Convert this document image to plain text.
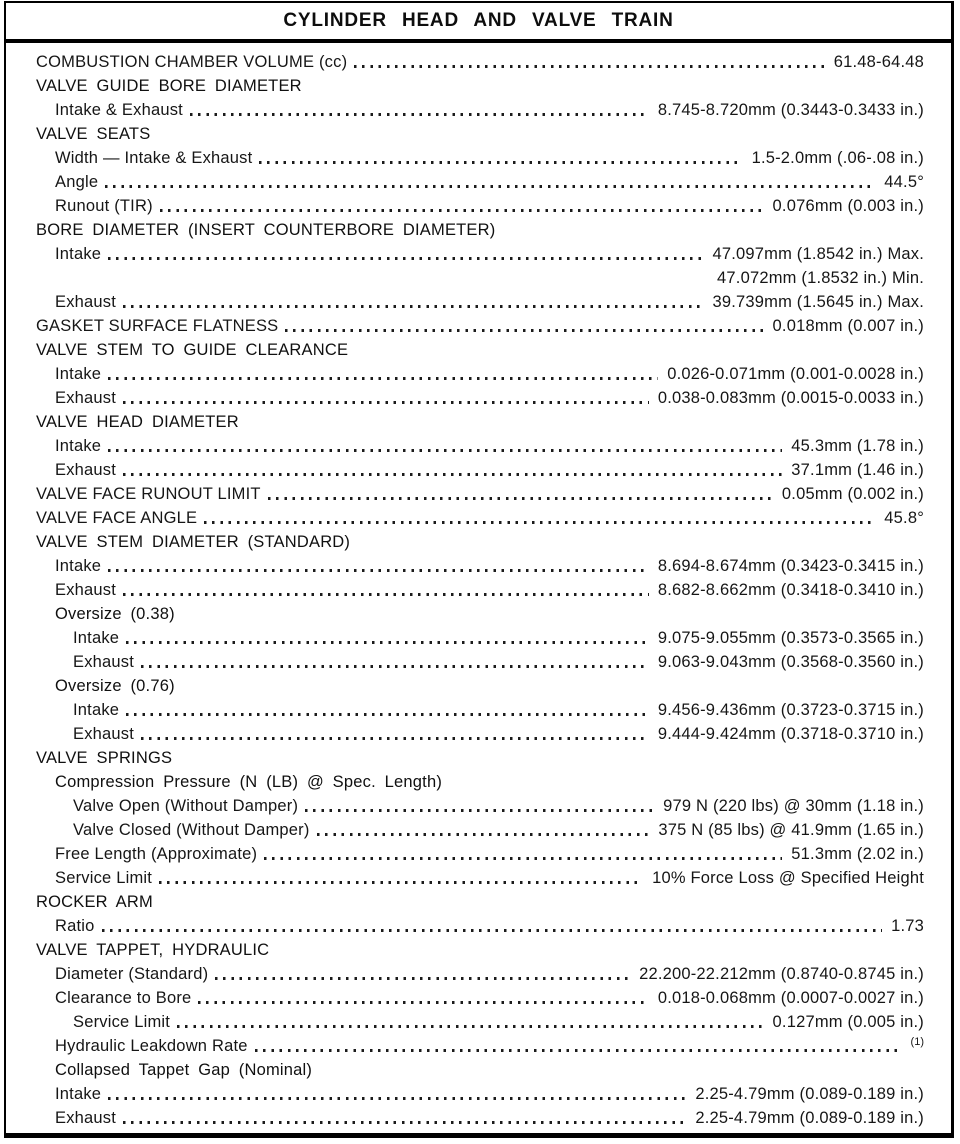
CYLINDER HEAD AND VALVE TRAIN
COMBUSTION CHAMBER VOLUME (cc)	61.48-64.48
VALVE GUIDE BORE DIAMETER
Intake & Exhaust	8.745-8.720mm (0.3443-0.3433 in.)
VALVE SEATS
Width — Intake & Exhaust	1.5-2.0mm (.06-.08 in.)
Angle	44.5°
Runout (TIR)	0.076mm (0.003 in.)
BORE DIAMETER (INSERT COUNTERBORE DIAMETER)
Intake	47.097mm (1.8542 in.) Max.
47.072mm (1.8532 in.) Min.
Exhaust	39.739mm (1.5645 in.) Max.
GASKET SURFACE FLATNESS	0.018mm (0.007 in.)
VALVE STEM TO GUIDE CLEARANCE
Intake	0.026-0.071mm (0.001-0.0028 in.)
Exhaust	0.038-0.083mm (0.0015-0.0033 in.)
VALVE HEAD DIAMETER
Intake	45.3mm (1.78 in.)
Exhaust	37.1mm (1.46 in.)
VALVE FACE RUNOUT LIMIT	0.05mm (0.002 in.)
VALVE FACE ANGLE	45.8°
VALVE STEM DIAMETER (STANDARD)
Intake	8.694-8.674mm (0.3423-0.3415 in.)
Exhaust	8.682-8.662mm (0.3418-0.3410 in.)
Oversize (0.38)
Intake	9.075-9.055mm (0.3573-0.3565 in.)
Exhaust	9.063-9.043mm (0.3568-0.3560 in.)
Oversize (0.76)
Intake	9.456-9.436mm (0.3723-0.3715 in.)
Exhaust	9.444-9.424mm (0.3718-0.3710 in.)
VALVE SPRINGS
Compression Pressure (N (LB) @ Spec. Length)
Valve Open (Without Damper)	979 N (220 lbs) @ 30mm (1.18 in.)
Valve Closed (Without Damper)	375 N (85 lbs) @ 41.9mm (1.65 in.)
Free Length (Approximate)	51.3mm (2.02 in.)
Service Limit	10% Force Loss @ Specified Height
ROCKER ARM
Ratio	1.73
VALVE TAPPET, HYDRAULIC
Diameter (Standard)	22.200-22.212mm (0.8740-0.8745 in.)
Clearance to Bore	0.018-0.068mm (0.0007-0.0027 in.)
Service Limit	0.127mm (0.005 in.)
Hydraulic Leakdown Rate	(1)
Collapsed Tappet Gap (Nominal)
Intake	2.25-4.79mm (0.089-0.189 in.)
Exhaust	2.25-4.79mm (0.089-0.189 in.)
